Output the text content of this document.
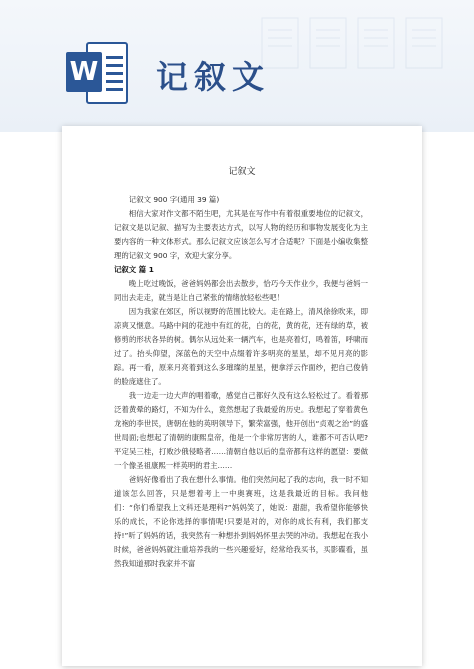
W 记叙文
记叙文

记叙文 900 字(通用 39 篇)

相信大家对作文都不陌生吧，尤其是在写作中有着很重要地位的记叙文，记叙文是以记叙、描写为主要表达方式，以写人物的经历和事物发展变化为主要内容的一种文体形式。那么记叙文应该怎么写才合适呢？下面是小编收集整理的记叙文 900 字，欢迎大家分享。

记叙文 篇 1

晚上吃过晚饭，爸爸妈妈都会出去散步，恰巧今天作业少，我便与爸妈一同出去走走，就当是让自己紧张的情绪放轻松些吧！

因为我家在郊区，所以视野的范围比较大。走在路上，清风徐徐吹来，即凉爽又惬意。马路中间的花池中有红的花，白的花，黄的花，还有绿的草，被修剪的形状各异的树。偶尔从远处来一辆汽车，也是亮着灯，鸣着笛，呼啸而过了。抬头仰望，深蓝色的天空中点缀着许多明亮的星星，却不见月亮的影踪。再一看，原来月亮着到这么多璀璨的星星，便拿浮云作面纱，把自己俊俏的脸庞遮住了。

我一边走一边大声的唱着歌，感觉自己都好久没有这么轻松过了。看着那泛着黄晕的路灯，不知为什么，竟然想起了我最爱的历史。我想起了穿着黄色龙袍的李世民，唐朝在他的英明领导下，繁荣富强，他开创出“贞观之治”的盛世局面;也想起了清朝的康熙皇帝，他是一个非常厉害的人，谁都不可否认吧?平定吴三桂，打败沙俄侵略者……清朝自他以后的皇帝都有这样的愿望：要做一个像圣祖康熙一样英明的君主……

爸妈好像看出了我在想什么事情。他们突然问起了我的志向，我一时不知道该怎么回答，只是想着考上一中奥赛班，这是我最近的目标。我问他们：“你们希望我上文科还是理科?”妈妈笑了，她说：甜甜，我希望你能够快乐的成长，不论你选择的事情呢!只要是对的，对你的成长有利，我们都支持!”听了妈妈的话，我突然有一种想扑到妈妈怀里去哭的冲动。我想起在我小时候，爸爸妈妈就注重培养我的一些兴趣爱好，经常给我买书，买影碟看，虽然我知道那时我家并不富
